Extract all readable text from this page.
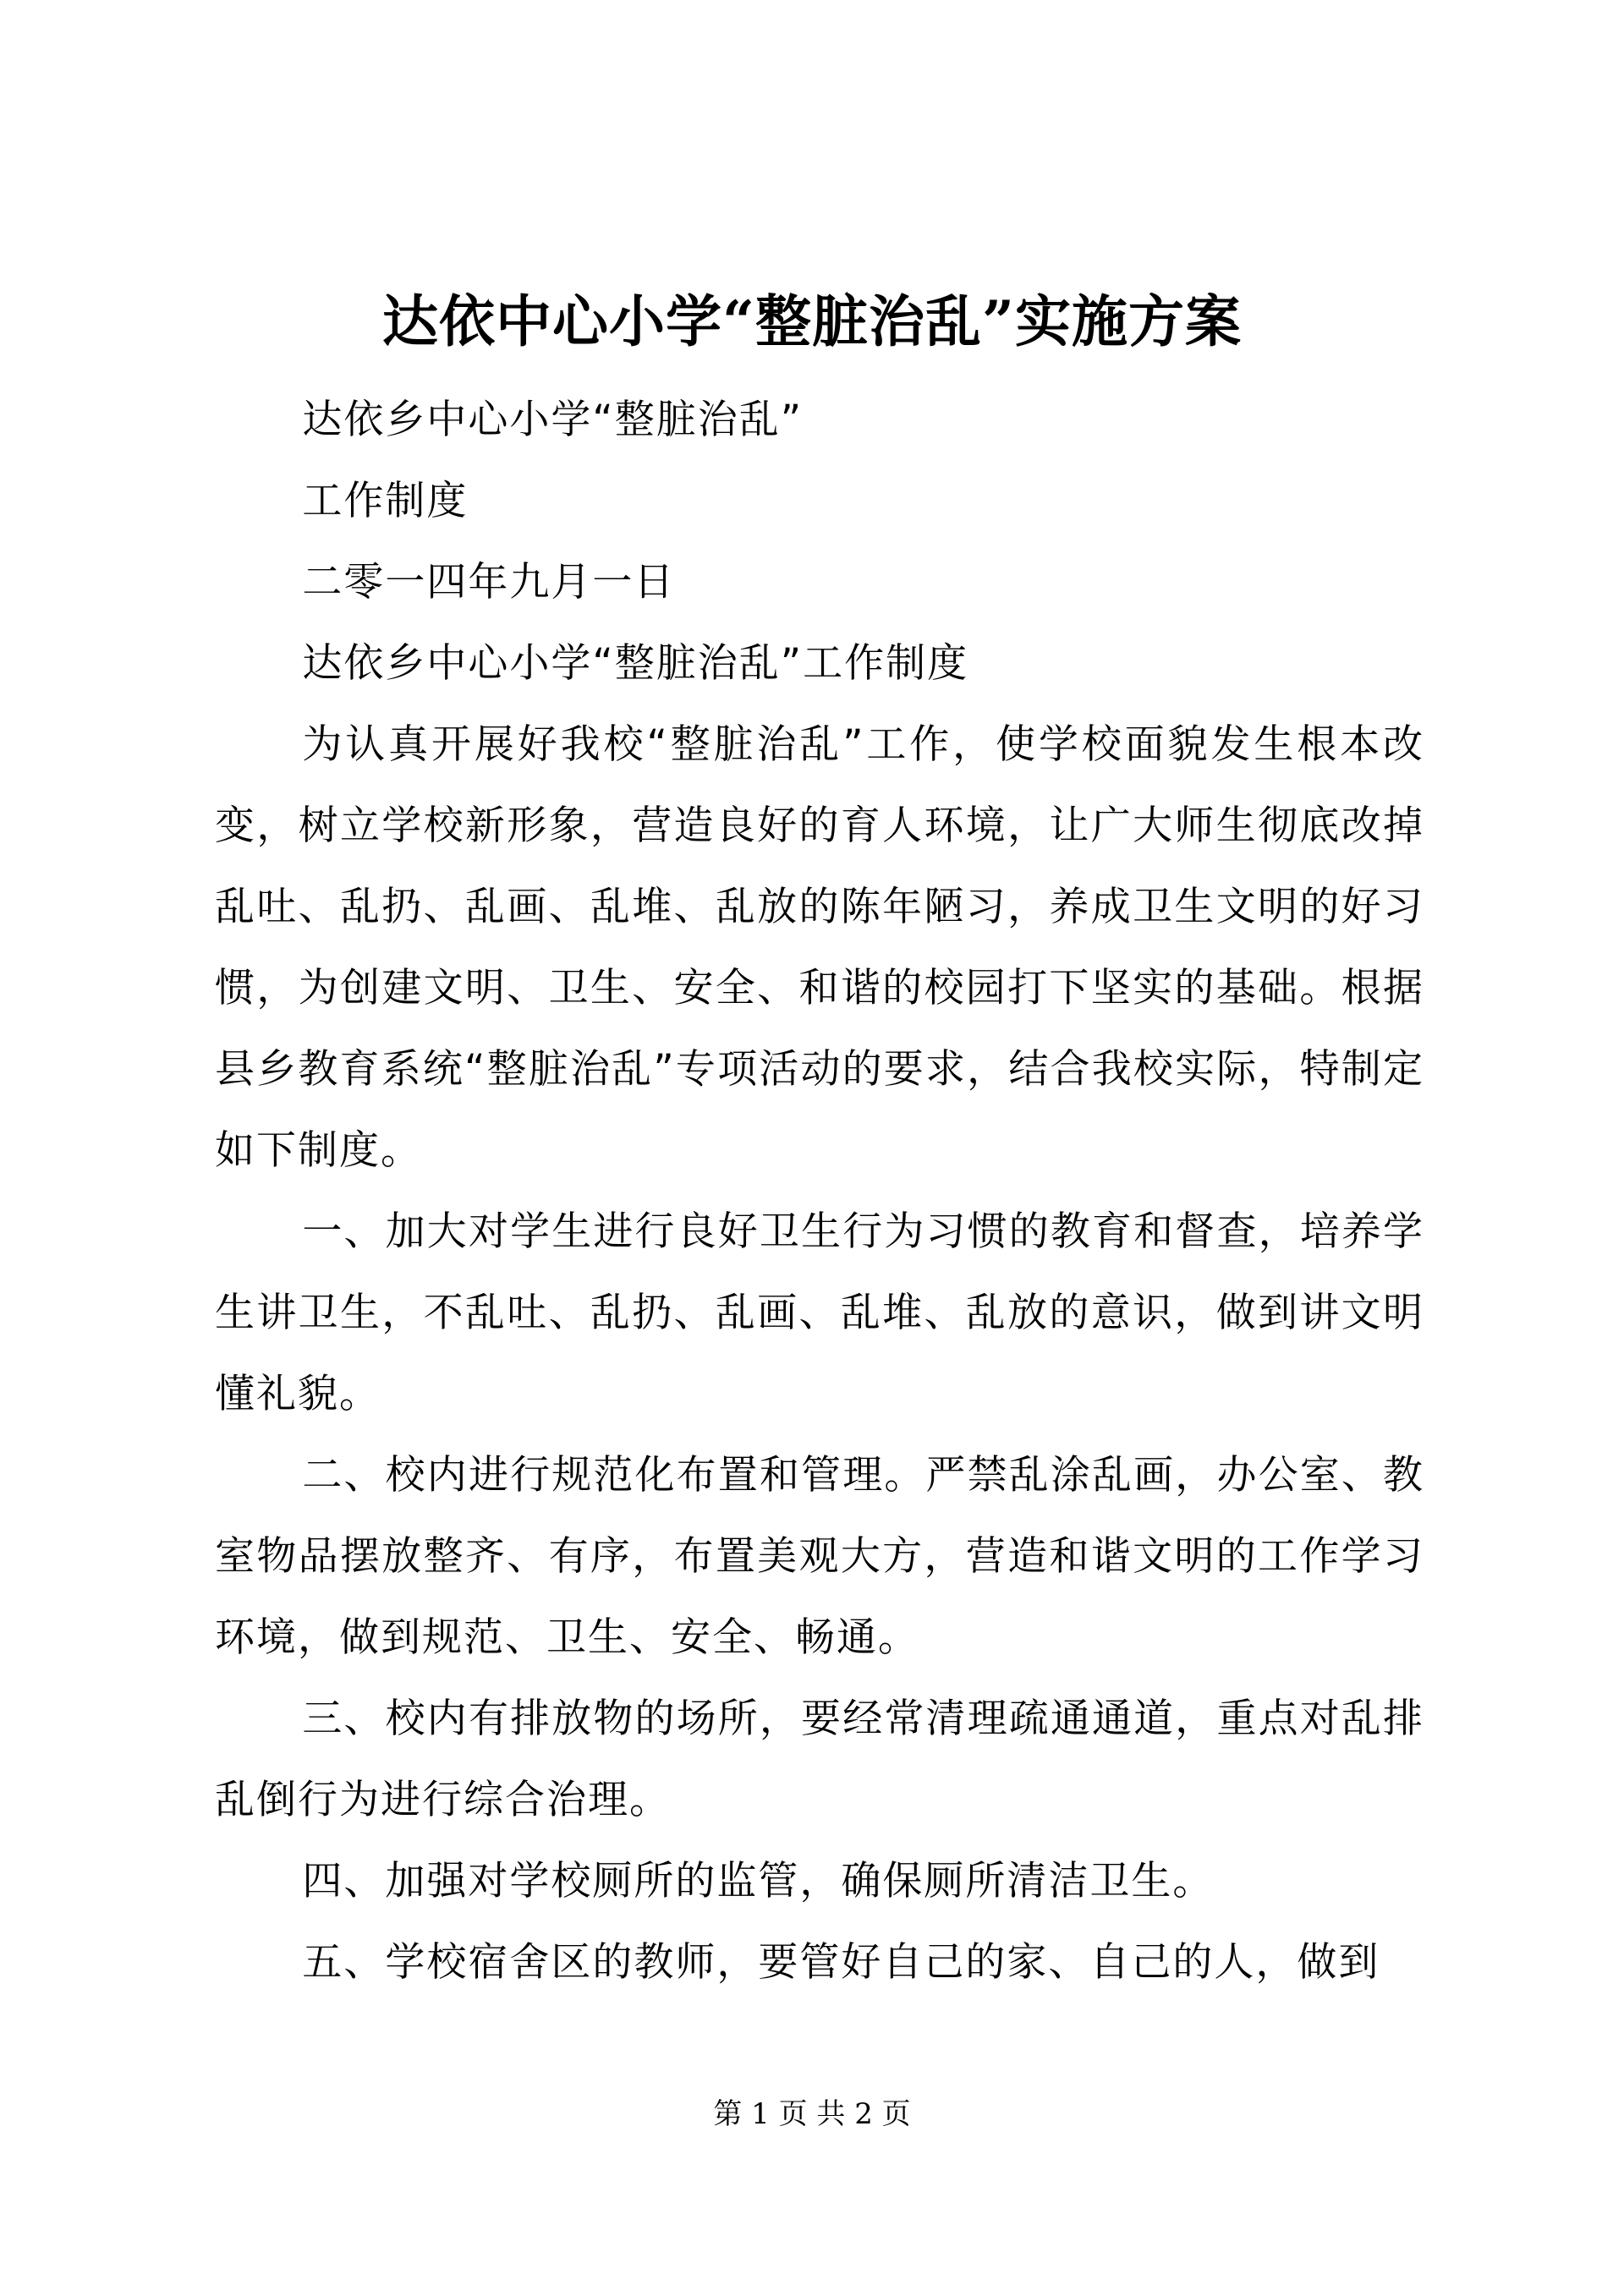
达依中心小学“整脏治乱”实施方案

达依乡中心小学“整脏治乱”

工作制度

二零一四年九月一日

达依乡中心小学“整脏治乱”工作制度

为认真开展好我校“整脏治乱”工作，使学校面貌发生根本改变，树立学校新形象，营造良好的育人环境，让广大师生彻底改掉乱吐、乱扔、乱画、乱堆、乱放的陈年陋习，养成卫生文明的好习惯，为创建文明、卫生、安全、和谐的校园打下坚实的基础。根据县乡教育系统“整脏治乱”专项活动的要求，结合我校实际，特制定如下制度。

一、加大对学生进行良好卫生行为习惯的教育和督查，培养学生讲卫生，不乱吐、乱扔、乱画、乱堆、乱放的意识，做到讲文明懂礼貌。

二、校内进行规范化布置和管理。严禁乱涂乱画，办公室、教室物品摆放整齐、有序，布置美观大方，营造和谐文明的工作学习环境，做到规范、卫生、安全、畅通。

三、校内有排放物的场所，要经常清理疏通通道，重点对乱排乱倒行为进行综合治理。

四、加强对学校厕所的监管，确保厕所清洁卫生。

五、学校宿舍区的教师，要管好自己的家、自己的人，做到

第 1 页 共 2 页
